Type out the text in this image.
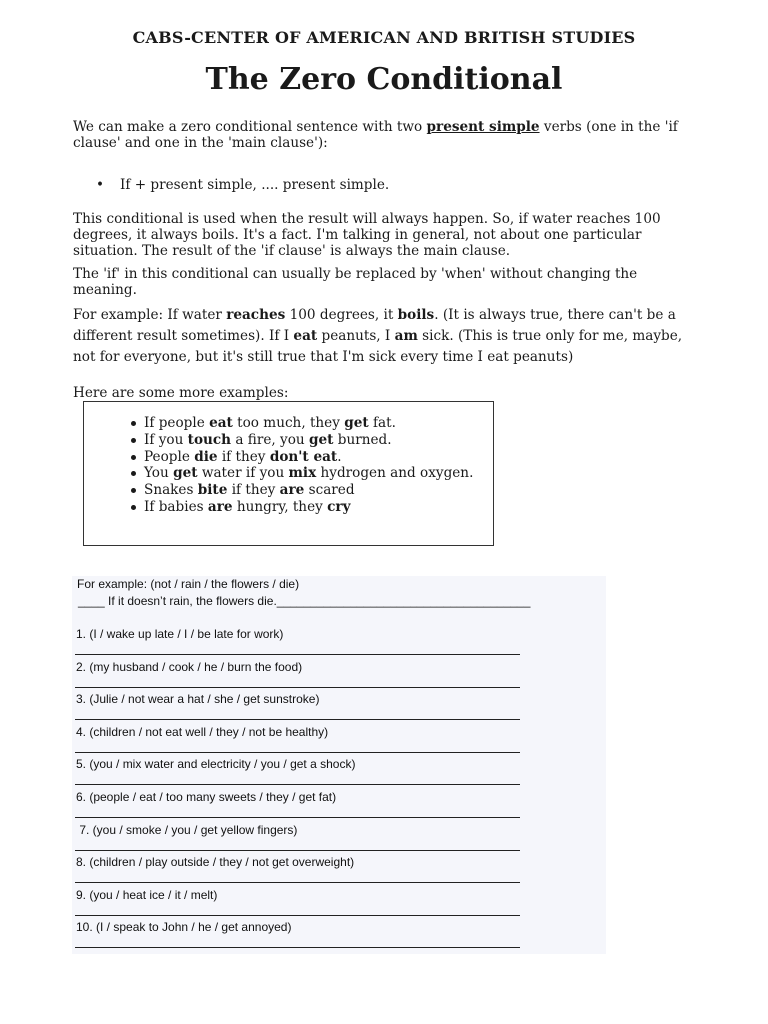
CABS-CENTER OF AMERICAN AND BRITISH STUDIES
The Zero Conditional
We can make a zero conditional sentence with two present simple verbs (one in the 'if clause' and one in the 'main clause'):
• If + present simple, .... present simple.
This conditional is used when the result will always happen. So, if water reaches 100 degrees, it always boils. It's a fact. I'm talking in general, not about one particular situation. The result of the 'if clause' is always the main clause.
The 'if' in this conditional can usually be replaced by 'when' without changing the meaning.
For example: If water reaches 100 degrees, it boils. (It is always true, there can't be a different result sometimes). If I eat peanuts, I am sick. (This is true only for me, maybe, not for everyone, but it's still true that I'm sick every time I eat peanuts)
Here are some more examples:
If people eat too much, they get fat.
If you touch a fire, you get burned.
People die if they don't eat.
You get water if you mix hydrogen and oxygen.
Snakes bite if they are scared
If babies are hungry, they cry
For example: (not / rain / the flowers / die)
____ If it doesn’t rain, the flowers die.______________________________________
1. (I / wake up late / I / be late for work)
2. (my husband / cook / he / burn the food)
3. (Julie / not wear a hat / she / get sunstroke)
4. (children / not eat well / they / not be healthy)
5. (you / mix water and electricity / you / get a shock)
6. (people / eat / too many sweets / they / get fat)
7. (you / smoke / you / get yellow fingers)
8. (children / play outside / they / not get overweight)
9. (you / heat ice / it / melt)
10. (I / speak to John / he / get annoyed)
